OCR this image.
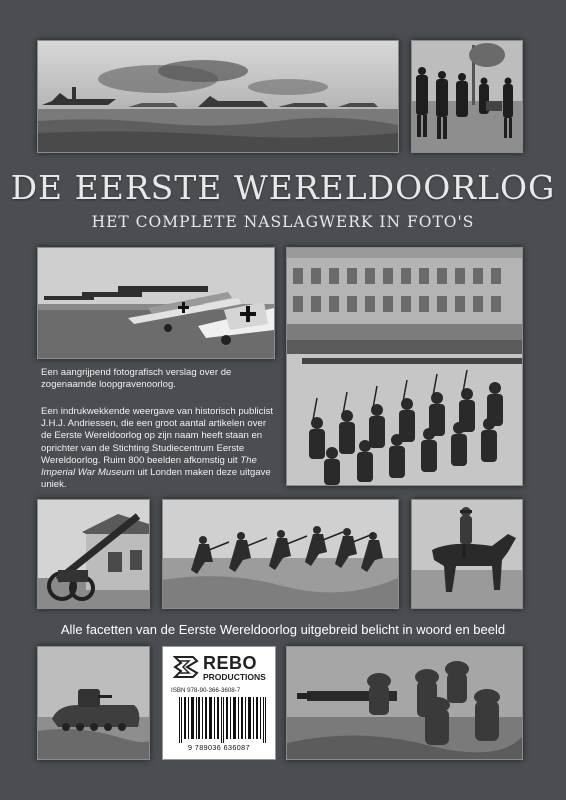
DE EERSTE WERELDOORLOG
HET COMPLETE NASLAGWERK IN FOTO'S
Een aangrijpend fotografisch verslag over de zogenaamde loopgravenoorlog.
Een indrukwekkende weergave van historisch publicist J.H.J. Andriessen, die een groot aantal artikelen over de Eerste Wereldoorlog op zijn naam heeft staan en oprichter van de Stichting Studiecentrum Eerste Wereldoorlog. Ruim 800 beelden afkomstig uit The Imperial War Museum uit Londen maken deze uitgave uniek.
Alle facetten van de Eerste Wereldoorlog uitgebreid belicht in woord en beeld
REBO
PRODUCTIONS
ISBN 978-90-366-3608-7
9 789036 636087
